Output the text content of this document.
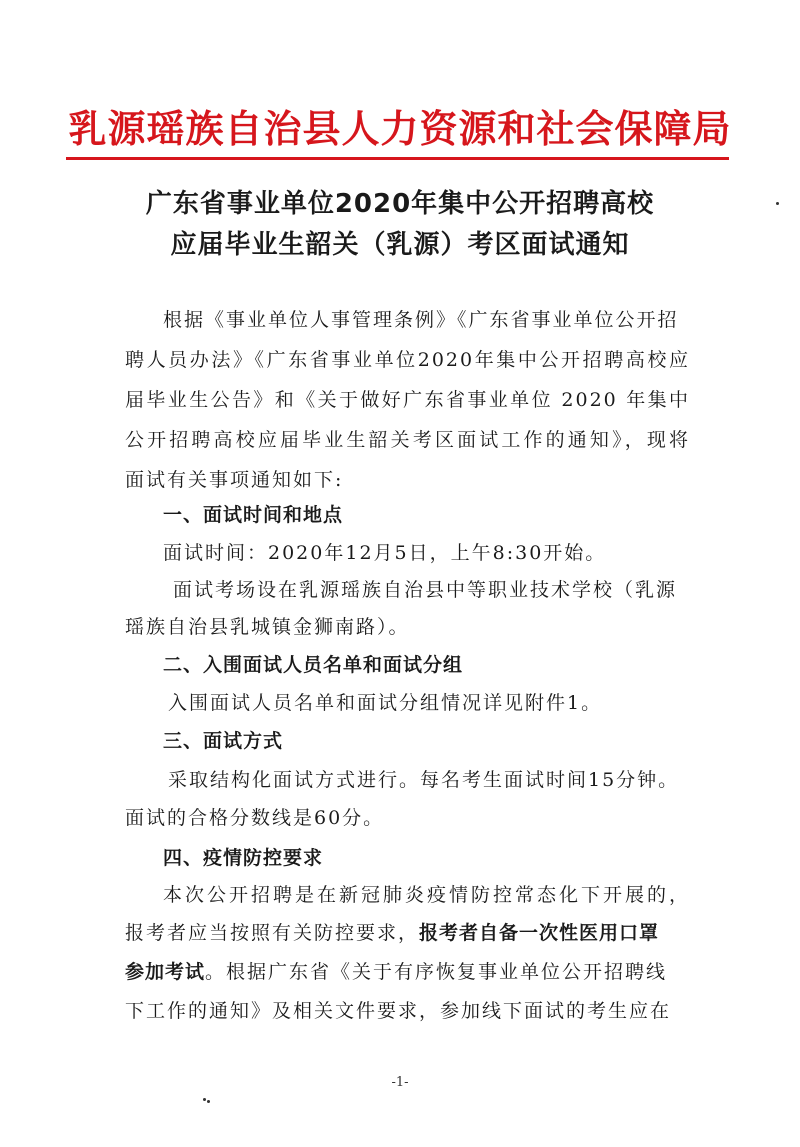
乳源瑶族自治县人力资源和社会保障局
广东省事业单位2020年集中公开招聘高校
应届毕业生韶关（乳源）考区面试通知
根据《事业单位人事管理条例》《广东省事业单位公开招
聘人员办法》《广东省事业单位2020年集中公开招聘高校应
届毕业生公告》和《关于做好广东省事业单位 2020 年集中
公开招聘高校应届毕业生韶关考区面试工作的通知》，现将
面试有关事项通知如下:
一、面试时间和地点
面试时间：2020年12月5日，上午8:30开始。
面试考场设在乳源瑶族自治县中等职业技术学校（乳源
瑶族自治县乳城镇金狮南路）。
二、入围面试人员名单和面试分组
入围面试人员名单和面试分组情况详见附件1。
三、面试方式
采取结构化面试方式进行。每名考生面试时间15分钟。
面试的合格分数线是60分。
四、疫情防控要求
本次公开招聘是在新冠肺炎疫情防控常态化下开展的，
报考者应当按照有关防控要求，报考者自备一次性医用口罩
参加考试。根据广东省《关于有序恢复事业单位公开招聘线
下工作的通知》及相关文件要求，参加线下面试的考生应在
-1-
